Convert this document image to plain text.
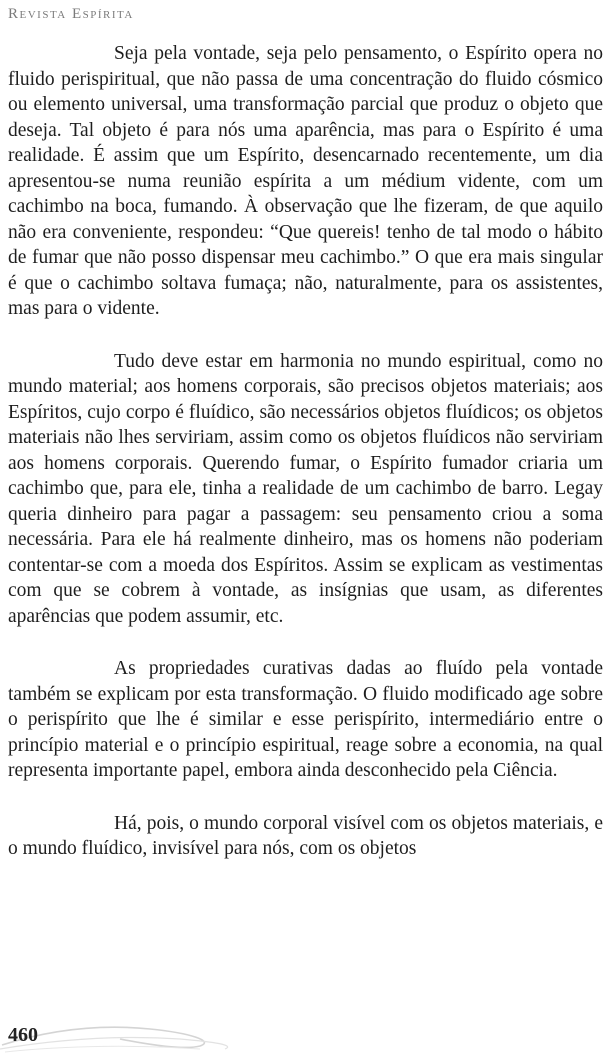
Revista Espírita

Seja pela vontade, seja pelo pensamento, o Espírito opera no fluido perispiritual, que não passa de uma concentração do fluido cósmico ou elemento universal, uma transformação parcial que produz o objeto que deseja. Tal objeto é para nós uma aparência, mas para o Espírito é uma realidade. É assim que um Espírito, desencarnado recentemente, um dia apresentou-se numa reunião espírita a um médium vidente, com um cachimbo na boca, fumando. À observação que lhe fizeram, de que aquilo não era conveniente, respondeu: “Que quereis! tenho de tal modo o hábito de fumar que não posso dispensar meu cachimbo.” O que era mais singular é que o cachimbo soltava fumaça; não, naturalmente, para os assistentes, mas para o vidente.

Tudo deve estar em harmonia no mundo espiritual, como no mundo material; aos homens corporais, são precisos objetos materiais; aos Espíritos, cujo corpo é fluídico, são necessários objetos fluídicos; os objetos materiais não lhes serviriam, assim como os objetos fluídicos não serviriam aos homens corporais. Querendo fumar, o Espírito fumador criaria um cachimbo que, para ele, tinha a realidade de um cachimbo de barro. Legay queria dinheiro para pagar a passagem: seu pensamento criou a soma necessária. Para ele há realmente dinheiro, mas os homens não poderiam contentar-se com a moeda dos Espíritos. Assim se explicam as vestimentas com que se cobrem à vontade, as insígnias que usam, as diferentes aparências que podem assumir, etc.

As propriedades curativas dadas ao fluído pela vontade também se explicam por esta transformação. O fluido modificado age sobre o perispírito que lhe é similar e esse perispírito, intermediário entre o princípio material e o princípio espiritual, reage sobre a economia, na qual representa importante papel, embora ainda desconhecido pela Ciência.

Há, pois, o mundo corporal visível com os objetos materiais, e o mundo fluídico, invisível para nós, com os objetos

460
